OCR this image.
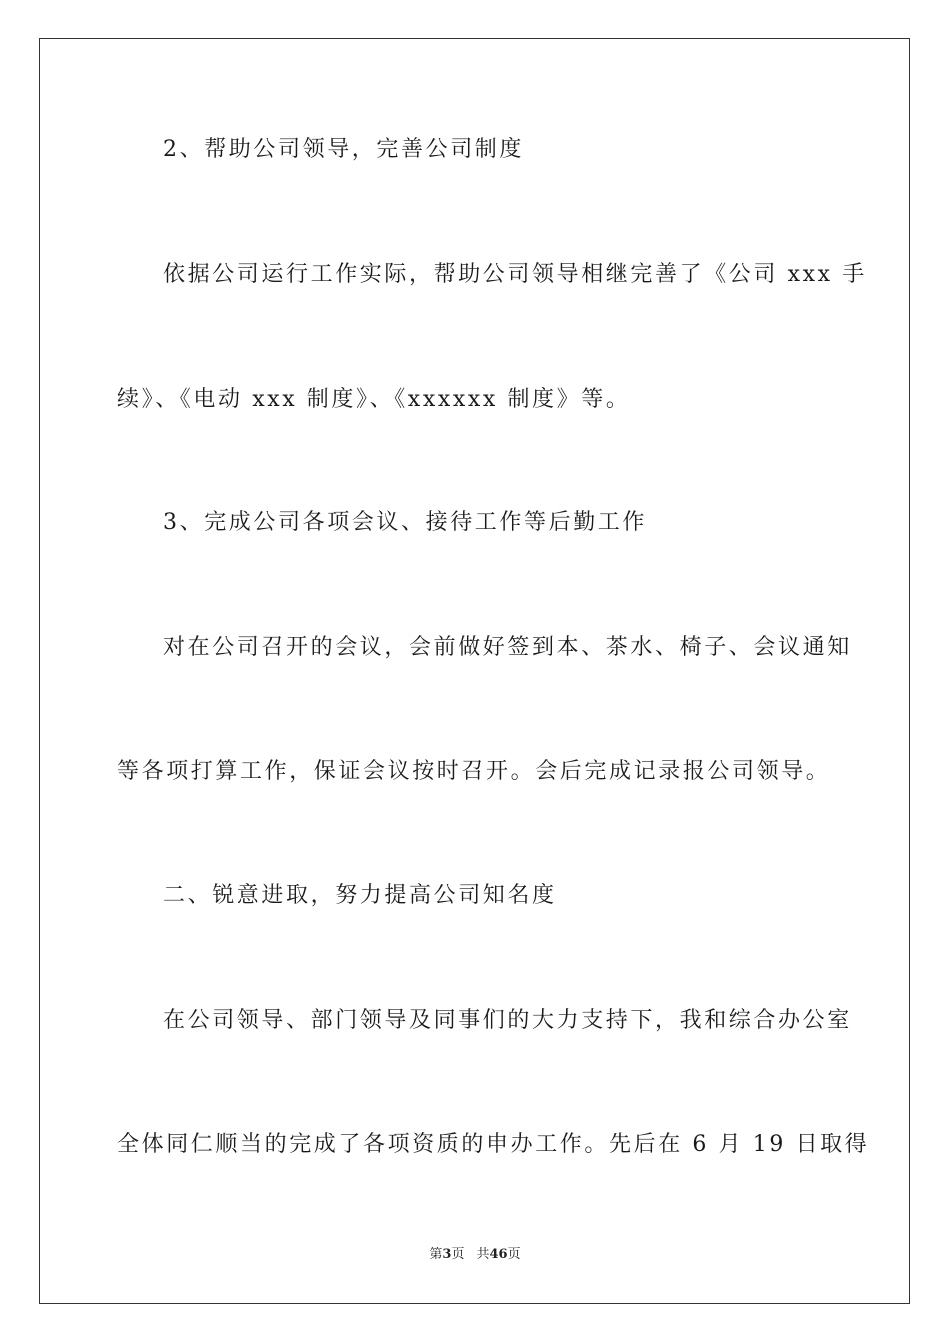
2、帮助公司领导，完善公司制度
依据公司运行工作实际，帮助公司领导相继完善了《公司 xxx 手
续》、《电动 xxx 制度》、《xxxxxx 制度》等。
3、完成公司各项会议、接待工作等后勤工作
对在公司召开的会议，会前做好签到本、茶水、椅子、会议通知
等各项打算工作，保证会议按时召开。会后完成记录报公司领导。
二、锐意进取，努力提高公司知名度
在公司领导、部门领导及同事们的大力支持下，我和综合办公室
全体同仁顺当的完成了各项资质的申办工作。先后在 6 月 19 日取得
第3页 共46页
